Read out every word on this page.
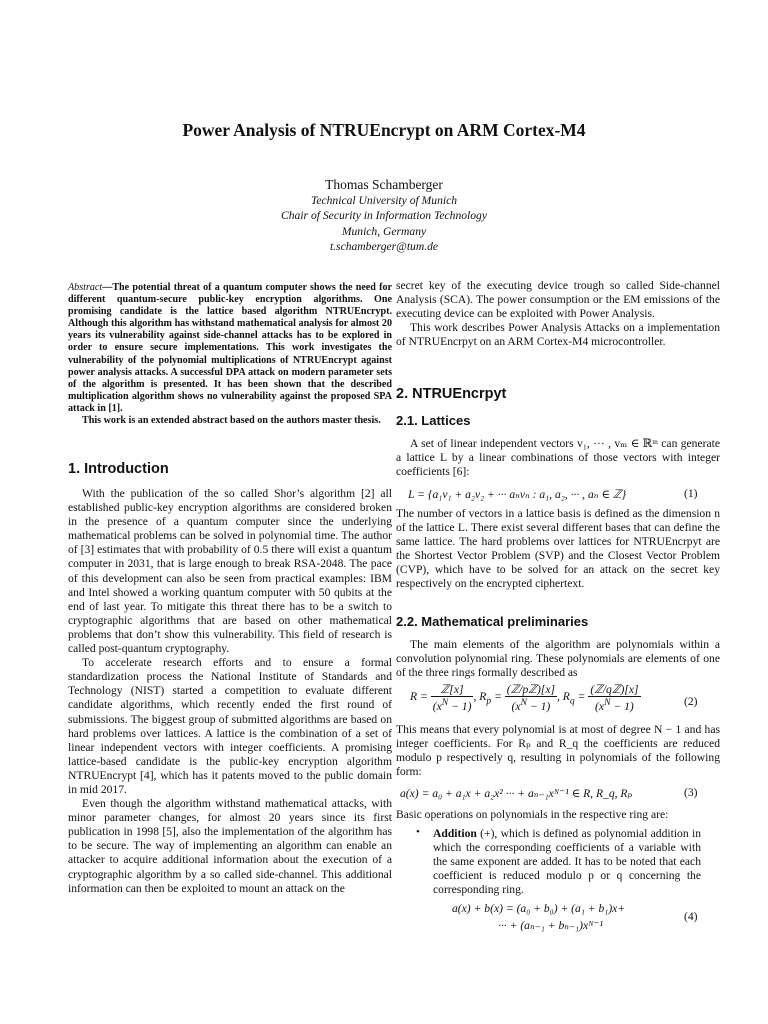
Power Analysis of NTRUEncrypt on ARM Cortex-M4
Thomas Schamberger
Technical University of Munich
Chair of Security in Information Technology
Munich, Germany
t.schamberger@tum.de

Abstract—The potential threat of a quantum computer shows the need for different quantum-secure public-key encryption algorithms. One promising candidate is the lattice based algorithm NTRUEncrypt. Although this algorithm has withstand mathematical analysis for almost 20 years its vulnerability against side-channel attacks has to be explored in order to ensure secure implementations. This work investigates the vulnerability of the polynomial multiplications of NTRUEncrypt against power analysis attacks. A successful DPA attack on modern parameter sets of the algorithm is presented. It has been shown that the described multiplication algorithm shows no vulnerability against the proposed SPA attack in [1].

This work is an extended abstract based on the authors master thesis.

1. Introduction

With the publication of the so called Shor’s algorithm [2] all established public-key encryption algorithms are considered broken in the presence of a quantum computer since the underlying mathematical problems can be solved in polynomial time. The author of [3] estimates that with probability of 0.5 there will exist a quantum computer in 2031, that is large enough to break RSA-2048. The pace of this development can also be seen from practical examples: IBM and Intel showed a working quantum computer with 50 qubits at the end of last year. To mitigate this threat there has to be a switch to cryptographic algorithms that are based on other mathematical problems that don’t show this vulnerability. This field of research is called post-quantum cryptography.

To accelerate research efforts and to ensure a formal standardization process the National Institute of Standards and Technology (NIST) started a competition to evaluate different candidate algorithms, which recently ended the first round of submissions. The biggest group of submitted algorithms are based on hard problems over lattices. A lattice is the combination of a set of linear independent vectors with integer coefficients. A promising lattice-based candidate is the public-key encryption algorithm NTRUEncrypt [4], which has it patents moved to the public domain in mid 2017.

Even though the algorithm withstand mathematical attacks, with minor parameter changes, for almost 20 years since its first publication in 1998 [5], also the implementation of the algorithm has to be secure. The way of implementing an algorithm can enable an attacker to acquire additional information about the execution of a cryptographic algorithm by a so called side-channel. This additional information can then be exploited to mount an attack on the

secret key of the executing device trough so called Side-channel Analysis (SCA). The power consumption or the EM emissions of the executing device can be exploited with Power Analysis.

This work describes Power Analysis Attacks on a implementation of NTRUEncrpyt on an ARM Cortex-M4 microcontroller.

2. NTRUEncrpyt
2.1. Lattices

A set of linear independent vectors v₁, ··· , vₘ ∈ ℝᵐ can generate a lattice L by a linear combinations of those vectors with integer coefficients [6]:

L = {a₁v₁ + a₂v₂ + ··· aₙvₙ : a₁, a₂, ··· , aₙ ∈ ℤ}	(1)

The number of vectors in a lattice basis is defined as the dimension n of the lattice L. There exist several different bases that can define the same lattice. The hard problems over lattices for NTRUEncrpyt are the Shortest Vector Problem (SVP) and the Closest Vector Problem (CVP), which have to be solved for an attack on the secret key respectively on the encrypted ciphertext.

2.2. Mathematical preliminaries

The main elements of the algorithm are polynomials within a convolution polynomial ring. These polynomials are elements of one of the three rings formally described as

$R = \frac{\text{ℤ[x]}}{(x^N - 1)}$ , $R_p = \frac{\text{(ℤ/pℤ)[x]}}{(x^N - 1)}$ , $R_q = \frac{\text{(ℤ/qℤ)[x]}}{(x^N - 1)}$	(2)

This means that every polynomial is at most of degree N − 1 and has integer coefficients. For Rₚ and R_q the coefficients are reduced modulo p respectively q, resulting in polynomials of the following form:

a(x) = a₀ + a₁x + a₂x² ··· + aₙ₋₁xᴺ⁻¹ ∈ R, R_q, Rₚ	(3)

Basic operations on polynomials in the respective ring are:

• Addition (+), which is defined as polynomial addition in which the corresponding coefficients of a variable with the same exponent are added. It has to be noted that each coefficient is reduced modulo p or q concerning the corresponding ring.

a(x) + b(x) = (a₀ + b₀) + (a₁ + b₁)x+
··· + (aₙ₋₁ + bₙ₋₁)xᴺ⁻¹
(4)
